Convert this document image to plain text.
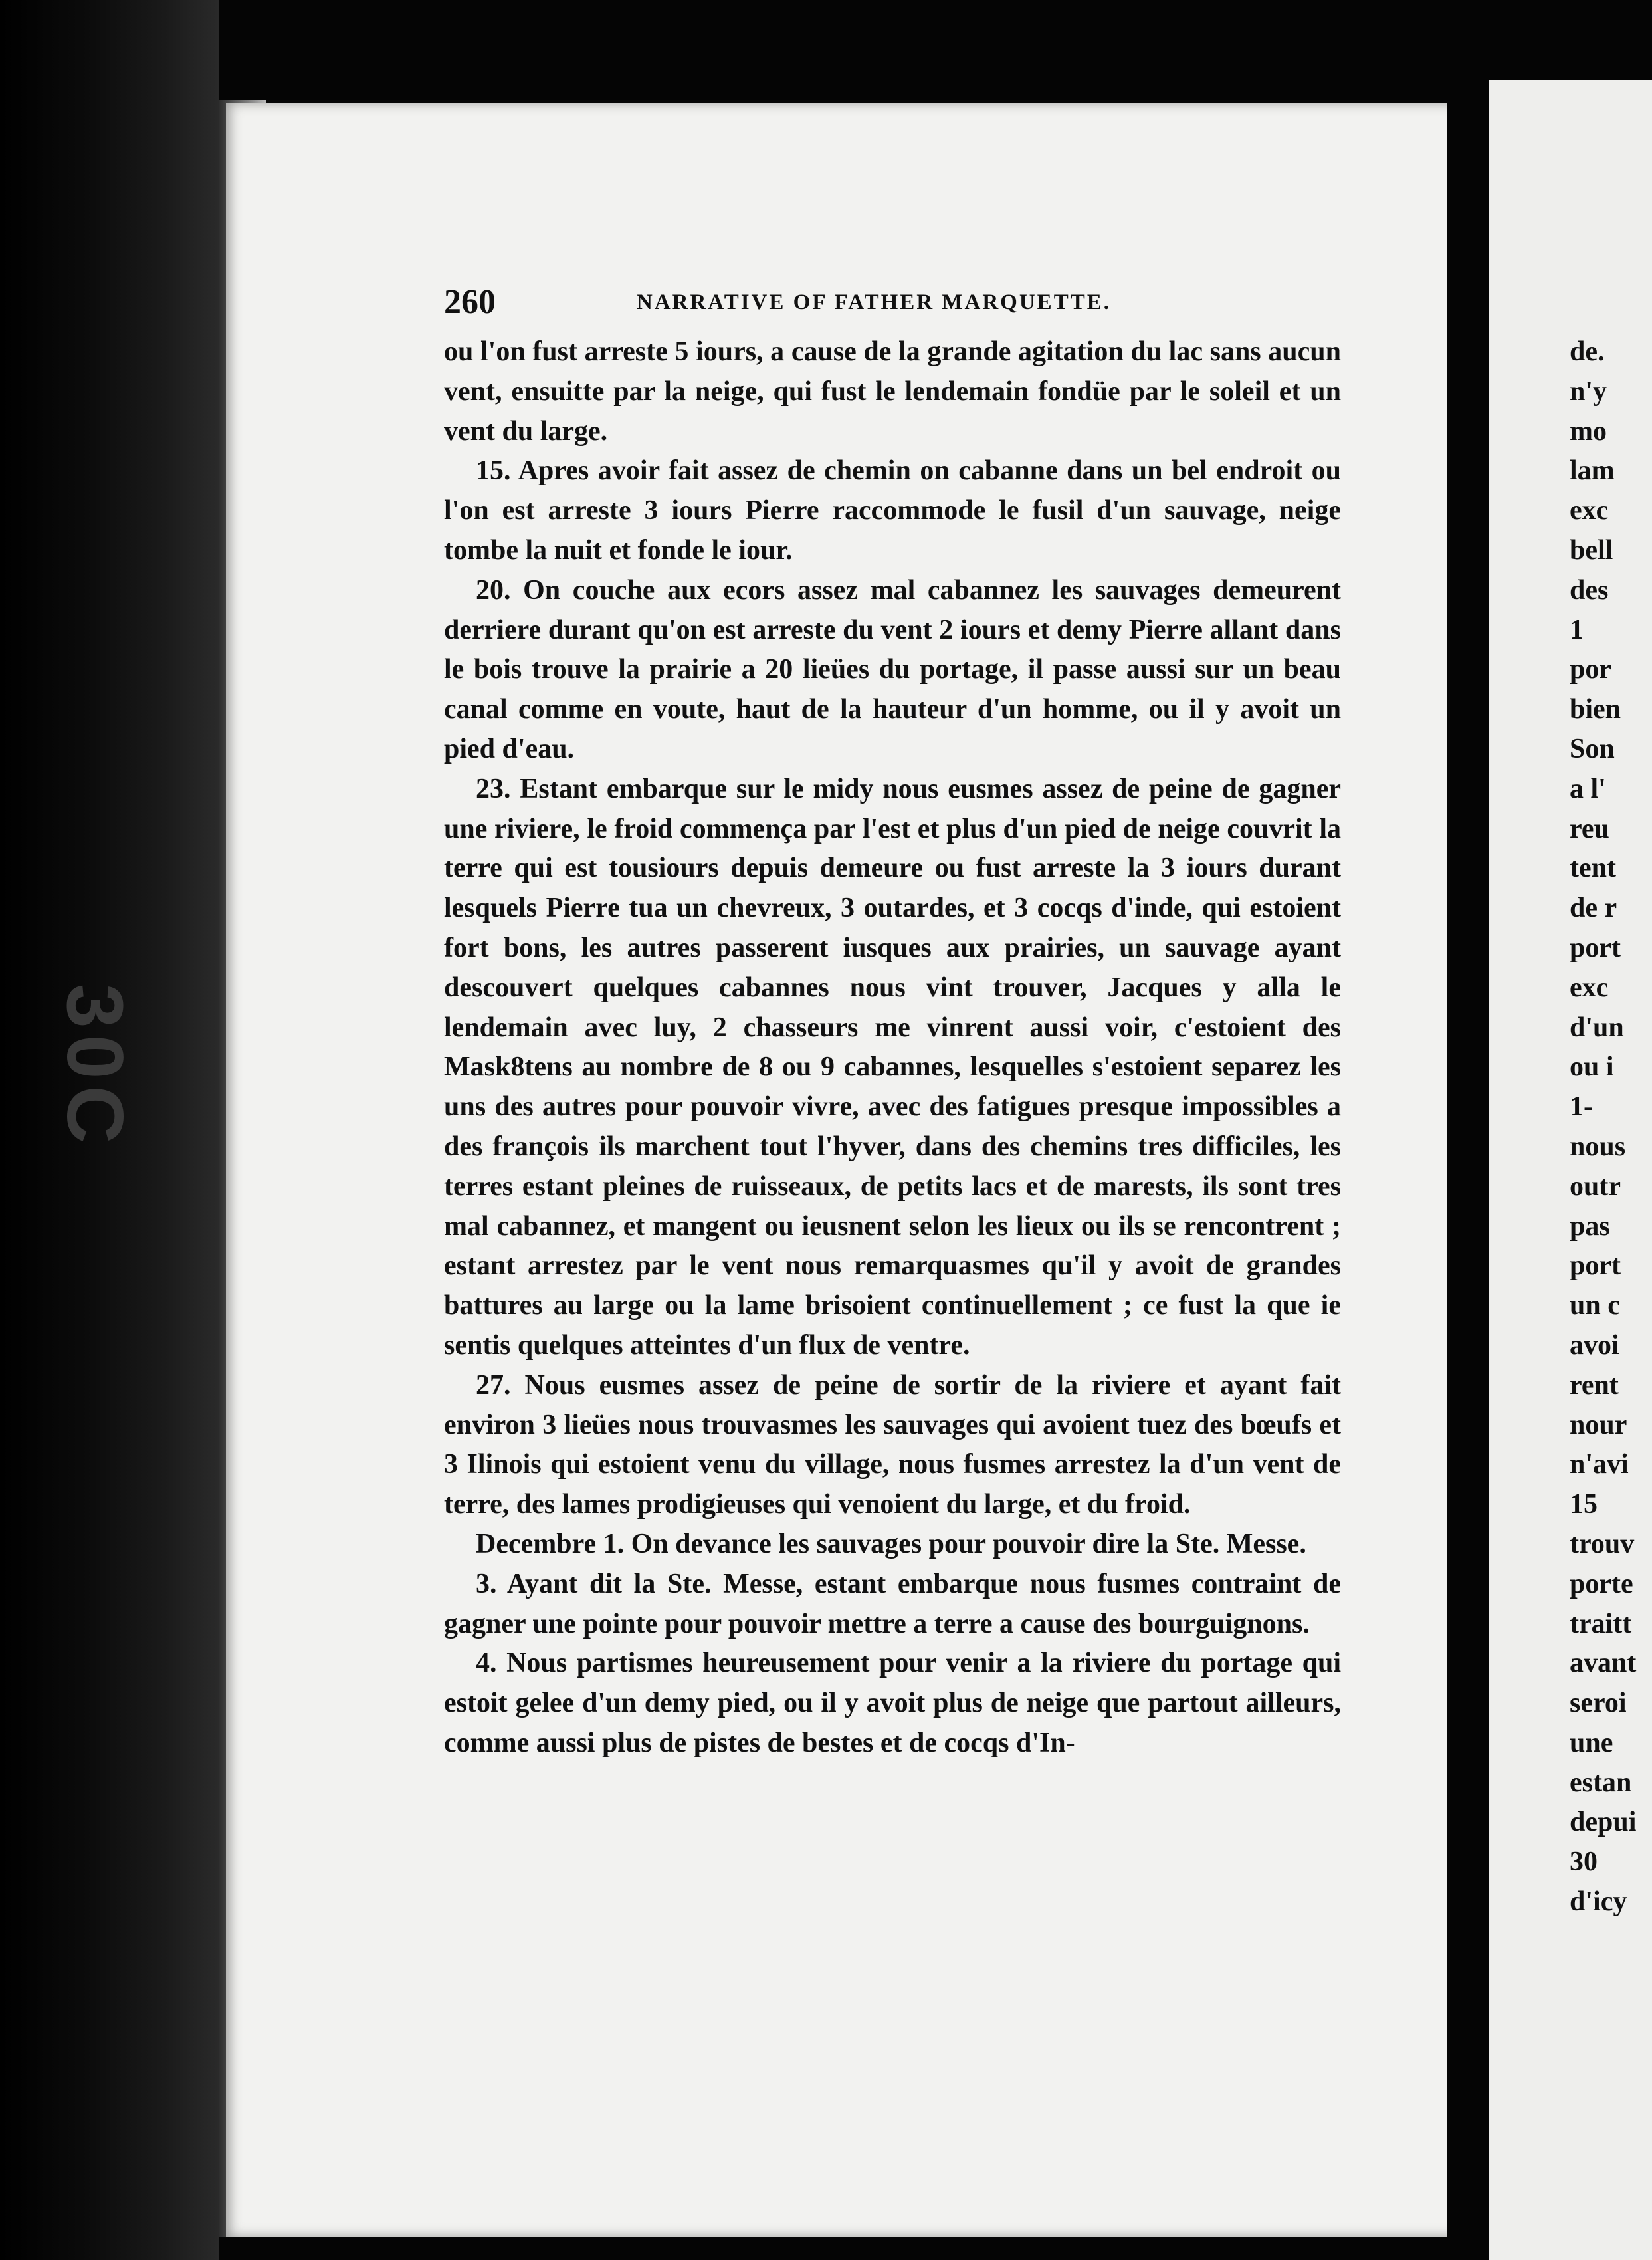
30C
260	NARRATIVE OF FATHER MARQUETTE.

ou l'on fust arreste 5 iours, a cause de la grande agitation du lac sans aucun vent, ensuitte par la neige, qui fust le lendemain fondüe par le soleil et un vent du large.

15. Apres avoir fait assez de chemin on cabanne dans un bel endroit ou l'on est arreste 3 iours Pierre raccommode le fusil d'un sauvage, neige tombe la nuit et fonde le iour.

20. On couche aux ecors assez mal cabannez les sauvages demeurent derriere durant qu'on est arreste du vent 2 iours et demy Pierre allant dans le bois trouve la prairie a 20 lieües du portage, il passe aussi sur un beau canal comme en voute, haut de la hauteur d'un homme, ou il y avoit un pied d'eau.

23. Estant embarque sur le midy nous eusmes assez de peine de gagner une riviere, le froid commença par l'est et plus d'un pied de neige couvrit la terre qui est tousiours depuis demeure ou fust arreste la 3 iours durant lesquels Pierre tua un chevreux, 3 outardes, et 3 cocqs d'inde, qui estoient fort bons, les autres passerent iusques aux prairies, un sauvage ayant descouvert quelques cabannes nous vint trouver, Jacques y alla le lendemain avec luy, 2 chasseurs me vinrent aussi voir, c'estoient des Mask8tens au nombre de 8 ou 9 cabannes, lesquelles s'estoient separez les uns des autres pour pouvoir vivre, avec des fatigues presque impossibles a des françois ils marchent tout l'hyver, dans des chemins tres difficiles, les terres estant pleines de ruisseaux, de petits lacs et de marests, ils sont tres mal cabannez, et mangent ou ieusnent selon les lieux ou ils se rencontrent ; estant arrestez par le vent nous remarquasmes qu'il y avoit de grandes battures au large ou la lame brisoient continuellement ; ce fust la que ie sentis quelques atteintes d'un flux de ventre.

27. Nous eusmes assez de peine de sortir de la riviere et ayant fait environ 3 lieües nous trouvasmes les sauvages qui avoient tuez des bœufs et 3 Ilinois qui estoient venu du village, nous fusmes arrestez la d'un vent de terre, des lames prodigieuses qui venoient du large, et du froid.

Decembre 1. On devance les sauvages pour pouvoir dire la Ste. Messe.

3. Ayant dit la Ste. Messe, estant embarque nous fusmes contraint de gagner une pointe pour pouvoir mettre a terre a cause des bourguignons.

4. Nous partismes heureusement pour venir a la riviere du portage qui estoit gelee d'un demy pied, ou il y avoit plus de neige que partout ailleurs, comme aussi plus de pistes de bestes et de cocqs d'In-

de.
n'y
mo
lam
exc
bell
des
1
por
bien
Son
a l'
reu
tent
de r
port
exc
d'un
ou i
1-
nous
outr
pas
port
un c
avoi
rent
nour
n'avi
15
trouv
porte
traitt
avant
seroi
une
estan
depui
30
d'icy
